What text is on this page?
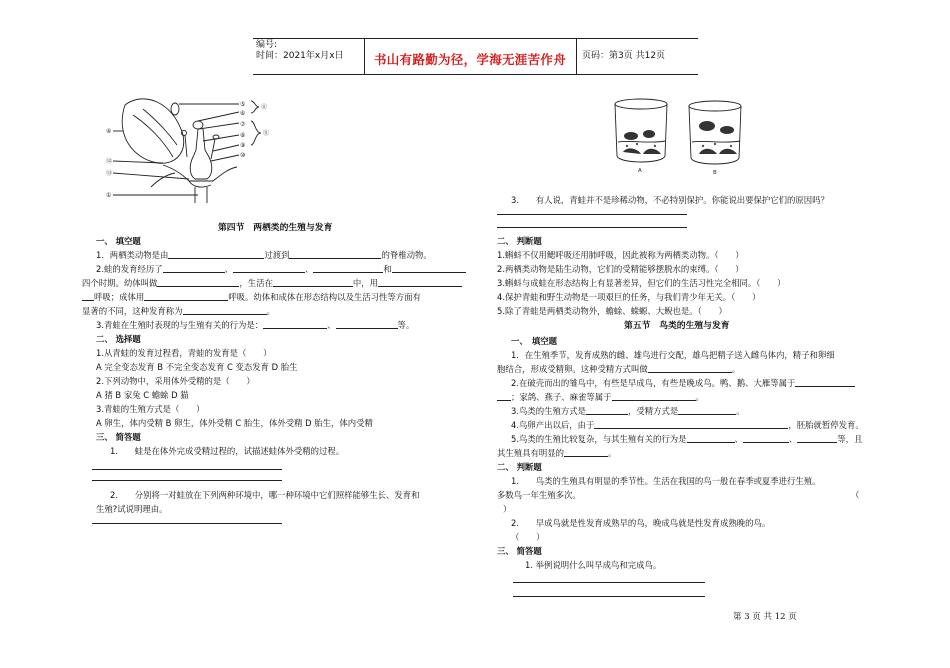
编号:
时间：2021年x月x日 书山有路勤为径，学海无涯苦作舟 页码：第3页 共12页
⑤
⑥
⑦
⑧
⑨
⑩
④
⑫
⑬
①
⑪
⑪
第四节　两栖类的生殖与发育
一、 填空题
1．两栖类动物是由	过渡到	的脊椎动物。
2.蛙的发育经历了	、	、	和
四个时期。幼体叫做	，生活在	中，用
呼吸；成体用	呼吸。幼体和成体在形态结构以及生活习性等方面有
显著的不同，这种发育称为	。
3.青蛙在生殖时表现的与生殖有关的行为是：	、	等。
二、 选择题
1.从青蛙的发育过程看，青蛙的发育是（　　）
A 完全变态发育 B 不完全变态发育 C 变态发育 D 胎生
2.下列动物中，采用体外受精的是（　　）
A 猪 B 家兔 C 蟾蜍 D 猫
3.青蛙的生殖方式是（　　）
A 卵生，体内受精 B 卵生，体外受精 C 胎生，体外受精 D 胎生，体内受精
三、 简答题
1.　　蛙是在体外完成受精过程的，试描述蛙体外受精的过程。
2.　　分别将一对蛙放在下列两种环境中，哪一种环境中它们照样能够生长、发育和
生殖?试说明理由。
A	B
3.　　有人说，青蛙并不是珍稀动物，不必特别保护。你能说出要保护它们的原因吗？
二、 判断题
1.蝌蚪不仅用鳃呼吸还用肺呼吸，因此被称为两栖类动物。（　　）
2.两栖类动物是陆生动物，它们的受精能够摆脱水的束缚。（　　）
3.蝌蚪与成蛙在形态结构上有显著差异，但它们的生活习性完全相同。（　　）
4.保护青蛙和野生动物是一项艰巨的任务，与我们青少年无关。（　　）
5.除了青蛙是两栖类动物外，蟾蜍、蝾螈、大鲵也是。（　　）
第五节　鸟类的生殖与发育
一、　填空题
1．在生殖季节，发育成熟的雌、雄鸟进行交配，雄鸟把精子送入雌鸟体内，精子和卵细
胞结合，形成受精卵。这种受精方式叫做	。
2.在破壳而出的雏鸟中，有些是早成鸟，有些是晚成鸟。鸭、鹅、大雁等属于
；家鸽、燕子、麻雀等属于	。
3.鸟类的生殖方式是	，受精方式是	。
4.鸟卵产出以后，由于	，胚胎就暂停发育。
5.鸟类的生殖比较复杂，与其生殖有关的行为是	、	、	等，且
其生殖具有明显的	。
二、 判断题
1.　　鸟类的生殖具有明显的季节性。生活在我国的鸟一般在春季或夏季进行生殖。
多数鸟一年生殖多次。	（
）
2.　　早成鸟就是性发育成熟早的鸟，晚成鸟就是性发育成熟晚的鸟。
（　　）
三、 简答题
1. 举例说明什么叫早成鸟和完成鸟。
第 3 页 共 12 页
